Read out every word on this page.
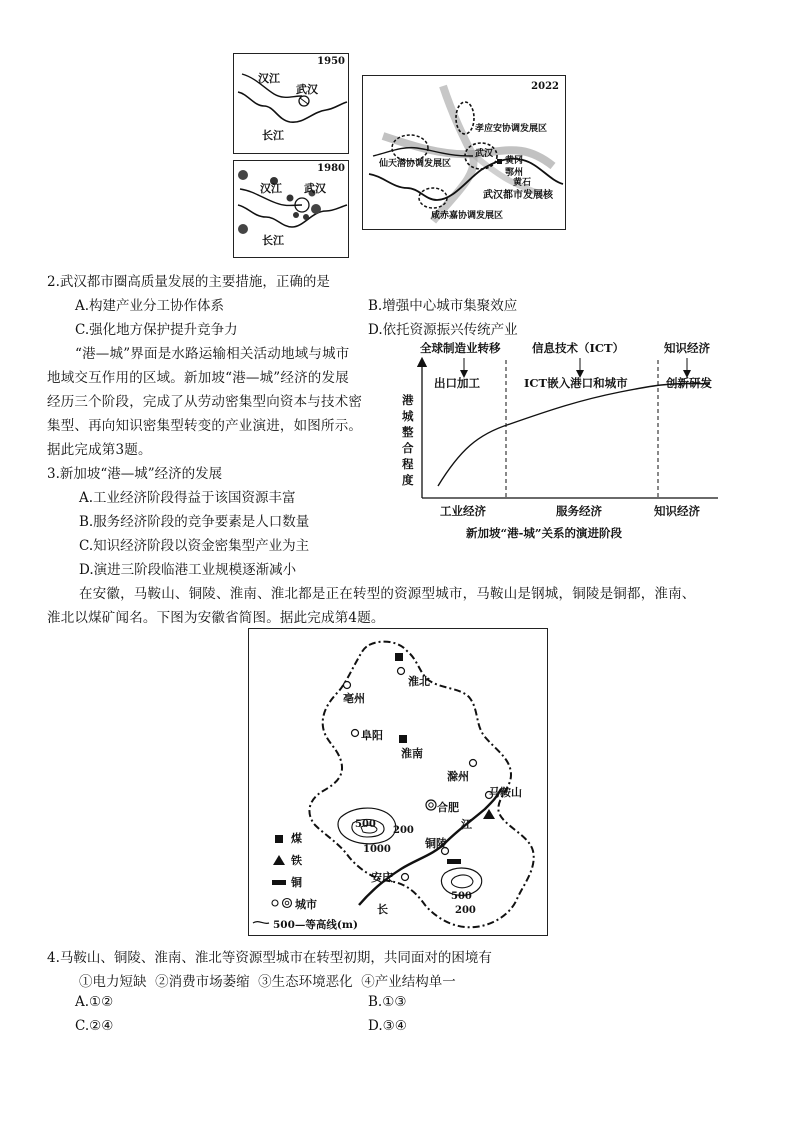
1950
汉江
武汉
长江
1980
汉江 武汉
长江
2022
孝应安协调发展区
仙天潜协调发展区
武汉
黄冈
鄂州
黄石
武汉都市发展核
咸赤嘉协调发展区
2.武汉都市圈高质量发展的主要措施，正确的是
A.构建产业分工协作体系	B.增强中心城市集聚效应
C.强化地方保护提升竞争力	D.依托资源振兴传统产业
“港—城”界面是水路运输相关活动地域与城市
地域交互作用的区域。新加坡“港—城”经济的发展
经历三个阶段，完成了从劳动密集型向资本与技术密
集型、再向知识密集型转变的产业演进，如图所示。
据此完成第3题。
全球制造业转移	信息技术（ICT）	知识经济
出口加工	ICT嵌入港口和城市	创新研发
港城整合程度
工业经济	服务经济	知识经济
新加坡“港-城”关系的演进阶段
3.新加坡“港—城”经济的发展
A.工业经济阶段得益于该国资源丰富
B.服务经济阶段的竞争要素是人口数量
C.知识经济阶段以资金密集型产业为主
D.演进三阶段临港工业规模逐渐减小
在安徽，马鞍山、铜陵、淮南、淮北都是正在转型的资源型城市，马鞍山是钢城，铜陵是铜都，淮南、
淮北以煤矿闻名。下图为安徽省简图。据此完成第4题。
淮北
亳州
阜阳
淮南
滁州
合肥
马鞍山
铜陵
安庆
江
长
500
200
1000
500
200
煤
铁
铜
城市
500—等高线(m)
4.马鞍山、铜陵、淮南、淮北等资源型城市在转型初期，共同面对的困境有
①电力短缺  ②消费市场萎缩  ③生态环境恶化  ④产业结构单一
A.①②	B.①③
C.②④	D.③④
